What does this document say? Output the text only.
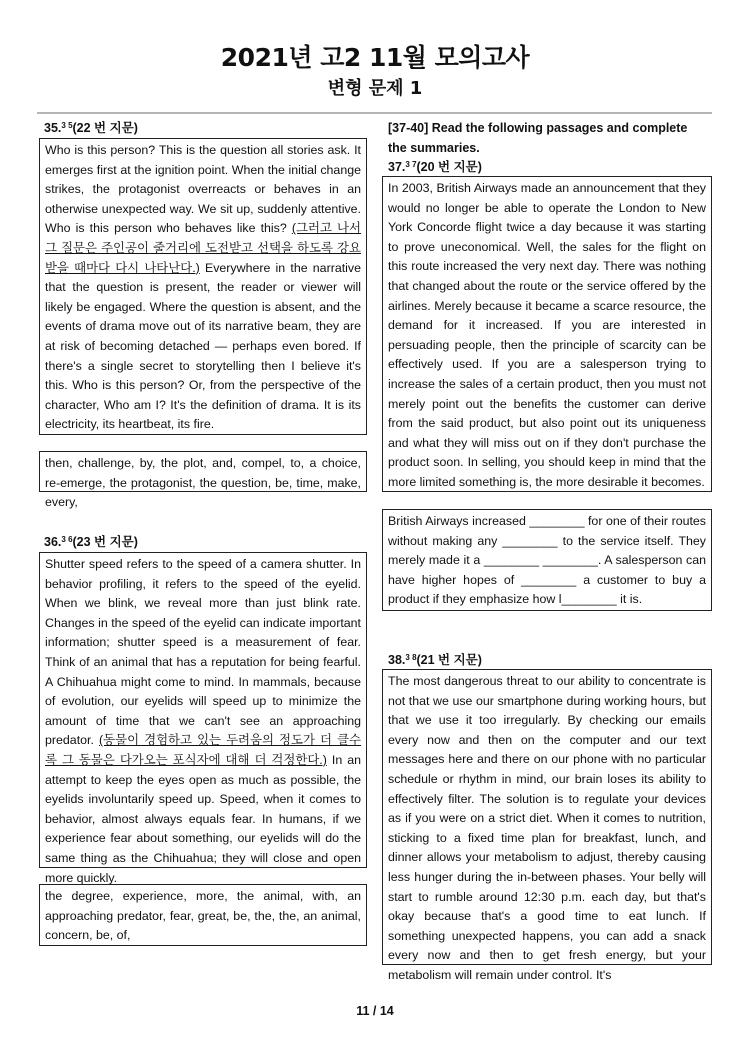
2021년 고2 11월 모의고사
변형 문제 1
35.$^{3 5}$(22 번 지문)
Who is this person? This is the question all stories ask. It emerges first at the ignition point. When the initial change strikes, the protagonist overreacts or behaves in an otherwise unexpected way. We sit up, suddenly attentive. Who is this person who behaves like this? (그러고 나서 그 질문은 주인공이 줄거리에 도전받고 선택을 하도록 강요받을 때마다 다시 나타난다.) Everywhere in the narrative that the question is present, the reader or viewer will likely be engaged. Where the question is absent, and the events of drama move out of its narrative beam, they are at risk of becoming detached — perhaps even bored. If there's a single secret to storytelling then I believe it's this. Who is this person? Or, from the perspective of the character, Who am I? It's the definition of drama. It is its electricity, its heartbeat, its fire.
then, challenge, by, the plot, and, compel, to, a choice, re-emerge, the protagonist, the question, be, time, make, every,
36.$^{3 6}$(23 번 지문)
Shutter speed refers to the speed of a camera shutter. In behavior profiling, it refers to the speed of the eyelid. When we blink, we reveal more than just blink rate. Changes in the speed of the eyelid can indicate important information; shutter speed is a measurement of fear. Think of an animal that has a reputation for being fearful. A Chihuahua might come to mind. In mammals, because of evolution, our eyelids will speed up to minimize the amount of time that we can't see an approaching predator. (동물이 경험하고 있는 두려움의 정도가 더 클수록 그 동물은 다가오는 포식자에 대해 더 걱정한다.) In an attempt to keep the eyes open as much as possible, the eyelids involuntarily speed up. Speed, when it comes to behavior, almost always equals fear. In humans, if we experience fear about something, our eyelids will do the same thing as the Chihuahua; they will close and open more quickly.
the degree, experience, more, the animal, with, an approaching predator, fear, great, be, the, the, an animal, concern, be, of,
[37-40] Read the following passages and complete the summaries.
37.$^{3 7}$(20 번 지문)
In 2003, British Airways made an announcement that they would no longer be able to operate the London to New York Concorde flight twice a day because it was starting to prove uneconomical. Well, the sales for the flight on this route increased the very next day. There was nothing that changed about the route or the service offered by the airlines. Merely because it became a scarce resource, the demand for it increased. If you are interested in persuading people, then the principle of scarcity can be effectively used. If you are a salesperson trying to increase the sales of a certain product, then you must not merely point out the benefits the customer can derive from the said product, but also point out its uniqueness and what they will miss out on if they don't purchase the product soon. In selling, you should keep in mind that the more limited something is, the more desirable it becomes.
British Airways increased ________ for one of their routes without making any ________ to the service itself. They merely made it a ________ ________. A salesperson can have higher hopes of ________ a customer to buy a product if they emphasize how l________ it is.
38.$^{3 8}$(21 번 지문)
The most dangerous threat to our ability to concentrate is not that we use our smartphone during working hours, but that we use it too irregularly. By checking our emails every now and then on the computer and our text messages here and there on our phone with no particular schedule or rhythm in mind, our brain loses its ability to effectively filter. The solution is to regulate your devices as if you were on a strict diet. When it comes to nutrition, sticking to a fixed time plan for breakfast, lunch, and dinner allows your metabolism to adjust, thereby causing less hunger during the in-between phases. Your belly will start to rumble around 12:30 p.m. each day, but that's okay because that's a good time to eat lunch. If something unexpected happens, you can add a snack every now and then to get fresh energy, but your metabolism will remain under control. It's
11 / 14
